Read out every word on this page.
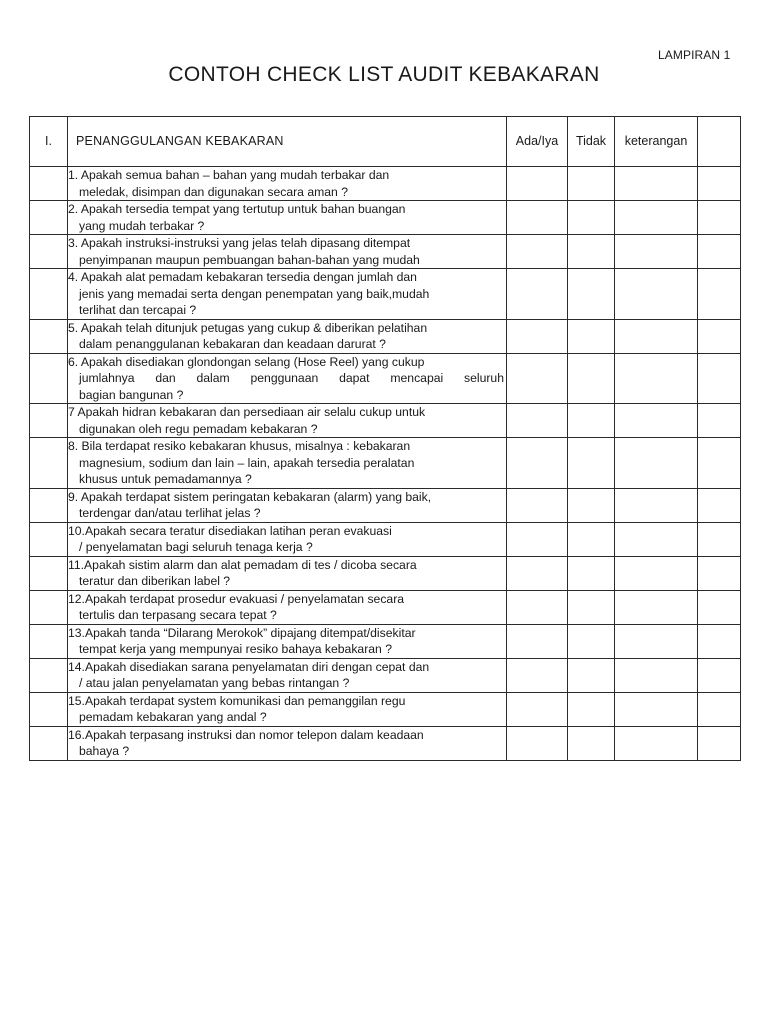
LAMPIRAN 1
CONTOH CHECK LIST AUDIT KEBAKARAN
I.	PENANGGULANGAN KEBAKARAN	Ada/Iya	Tidak	keterangan	

	1. Apakah semua bahan – bahan yang mudah terbakar dan
meledak, disimpan dan digunakan secara aman ?				

	2. Apakah tersedia tempat yang tertutup untuk bahan buangan
yang mudah terbakar ?				

	3. Apakah instruksi-instruksi yang jelas telah dipasang ditempat
penyimpanan maupun pembuangan bahan-bahan yang mudah				

	4. Apakah alat pemadam kebakaran tersedia dengan jumlah dan
jenis yang memadai serta dengan penempatan yang baik,mudah
terlihat dan tercapai ?				

	5. Apakah telah ditunjuk petugas yang cukup & diberikan pelatihan
dalam penanggulanan kebakaran dan keadaan darurat ?				

	6. Apakah disediakan glondongan selang (Hose Reel) yang cukup
jumlahnya dan dalam penggunaan dapat mencapai seluruh
bagian bangunan ?				

	7 Apakah hidran kebakaran dan persediaan air selalu cukup untuk
digunakan oleh regu pemadam kebakaran ?				

	8. Bila terdapat resiko kebakaran khusus, misalnya : kebakaran
magnesium, sodium dan lain – lain, apakah tersedia peralatan
khusus untuk pemadamannya ?				

	9. Apakah terdapat sistem peringatan kebakaran (alarm) yang baik,
terdengar dan/atau terlihat jelas ?				

	10.Apakah secara teratur disediakan latihan peran evakuasi
/ penyelamatan bagi seluruh tenaga kerja ?				

	11.Apakah sistim alarm dan alat pemadam di tes / dicoba secara
teratur dan diberikan label ?				

	12.Apakah terdapat prosedur evakuasi / penyelamatan secara
tertulis dan terpasang secara tepat ?				

	13.Apakah tanda “Dilarang Merokok” dipajang ditempat/disekitar
tempat kerja yang mempunyai resiko bahaya kebakaran ?				

	14.Apakah disediakan sarana penyelamatan diri dengan cepat dan
/ atau jalan penyelamatan yang bebas rintangan ?				

	15.Apakah terdapat system komunikasi dan pemanggilan regu
pemadam kebakaran yang andal ?				

	16.Apakah terpasang instruksi dan nomor telepon dalam keadaan
bahaya ?				
